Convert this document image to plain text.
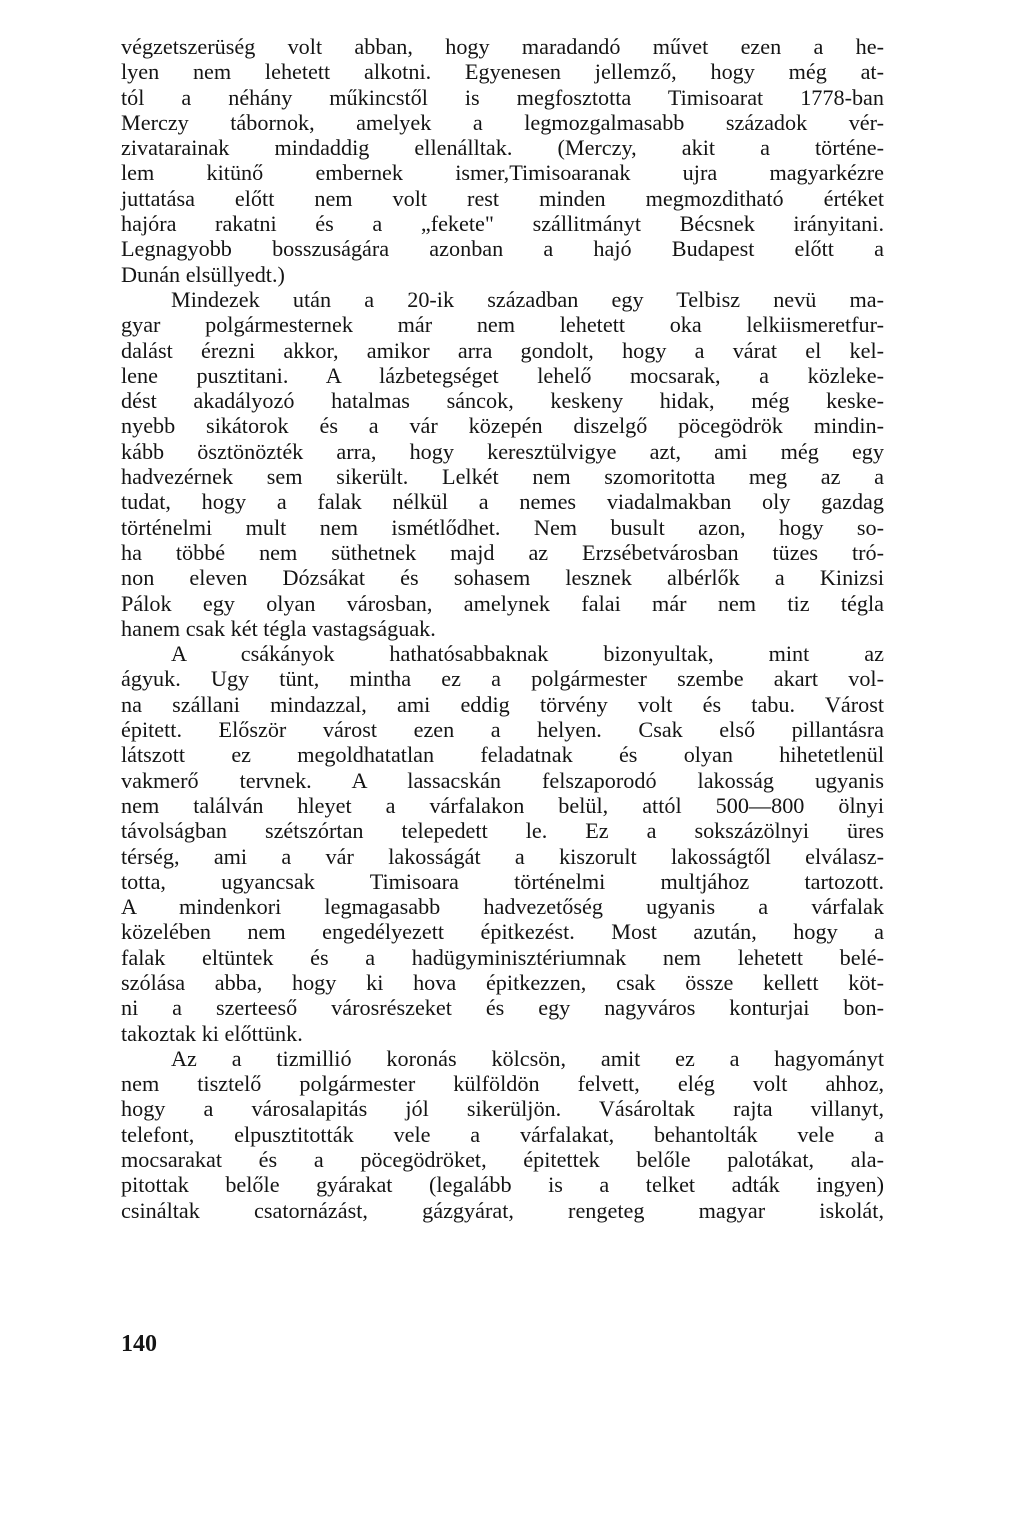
végzetszerüség volt abban, hogy maradandó művet ezen a he-
lyen nem lehetett alkotni. Egyenesen jellemző, hogy még at-
tól a néhány műkincstől is megfosztotta Timisoarat 1778-ban
Merczy tábornok, amelyek a legmozgalmasabb századok vér-
zivatarainak mindaddig ellenálltak. (Merczy, akit a történe-
lem kitünő embernek ismer,Timisoaranak ujra magyarkézre
juttatása előtt nem volt rest minden megmozditható értéket
hajóra rakatni és a „fekete" szállitmányt Bécsnek irányitani.
Legnagyobb bosszuságára azonban a hajó Budapest előtt a
Dunán elsüllyedt.)

Mindezek után a 20-ik században egy Telbisz nevü ma-
gyar polgármesternek már nem lehetett oka lelkiismeretfur-
dalást érezni akkor, amikor arra gondolt, hogy a várat el kel-
lene pusztitani. A lázbetegséget lehelő mocsarak, a közleke-
dést akadályozó hatalmas sáncok, keskeny hidak, még keske-
nyebb sikátorok és a vár közepén diszelgő pöcegödrök mindin-
kább ösztönözték arra, hogy keresztülvigye azt, ami még egy
hadvezérnek sem sikerült. Lelkét nem szomoritotta meg az a
tudat, hogy a falak nélkül a nemes viadalmakban oly gazdag
történelmi mult nem ismétlődhet. Nem busult azon, hogy so-
ha többé nem süthetnek majd az Erzsébetvárosban tüzes tró-
non eleven Dózsákat és sohasem lesznek albérlők a Kinizsi
Pálok egy olyan városban, amelynek falai már nem tiz tégla
hanem csak két tégla vastagságuak.

A csákányok hathatósabbaknak bizonyultak, mint az
ágyuk. Ugy tünt, mintha ez a polgármester szembe akart vol-
na szállani mindazzal, ami eddig törvény volt és tabu. Várost
épitett. Először várost ezen a helyen. Csak első pillantásra
látszott ez megoldhatatlan feladatnak és olyan hihetetlenül
vakmerő tervnek. A lassacskán felszaporodó lakosság ugyanis
nem találván hleyet a várfalakon belül, attól 500—800 ölnyi
távolságban szétszórtan telepedett le. Ez a sokszázölnyi üres
térség, ami a vár lakosságát a kiszorult lakosságtől elválasz-
totta, ugyancsak Timisoara történelmi multjához tartozott.
A mindenkori legmagasabb hadvezetőség ugyanis a várfalak
közelében nem engedélyezett épitkezést. Most azután, hogy a
falak eltüntek és a hadügyminisztériumnak nem lehetett belé-
szólása abba, hogy ki hova épitkezzen, csak össze kellett köt-
ni a szerteeső városrészeket és egy nagyváros konturjai bon-
takoztak ki előttünk.

Az a tizmillió koronás kölcsön, amit ez a hagyományt
nem tisztelő polgármester külföldön felvett, elég volt ahhoz,
hogy a városalapitás jól sikerüljön. Vásároltak rajta villanyt,
telefont, elpusztitották vele a várfalakat, behantolták vele a
mocsarakat és a pöcegödröket, épitettek belőle palotákat, ala-
pitottak belőle gyárakat (legalább is a telket adták ingyen)
csináltak csatornázást, gázgyárat, rengeteg magyar iskolát,

140
